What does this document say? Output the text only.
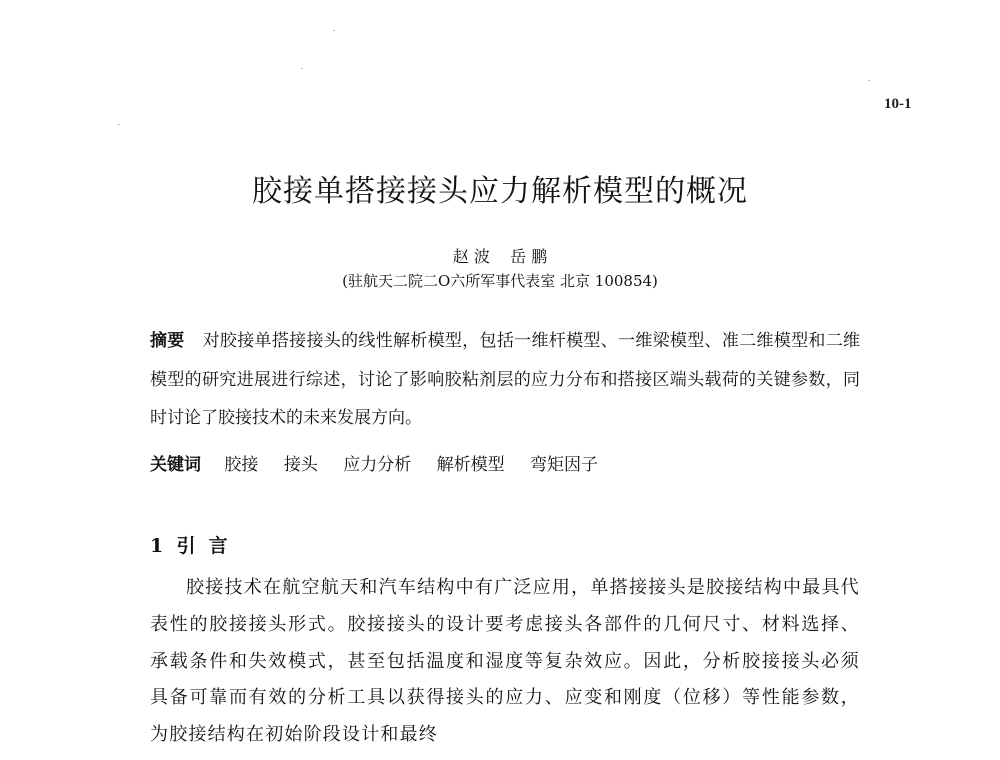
10-1
胶接单搭接接头应力解析模型的概况
赵 波    岳 鹏
(驻航天二院二O六所军事代表室 北京 100854)
摘要 对胶接单搭接接头的线性解析模型，包括一维杆模型、一维梁模型、准二维模型和二维模型的研究进展进行综述，讨论了影响胶粘剂层的应力分布和搭接区端头载荷的关键参数，同时讨论了胶接技术的未来发展方向。
关键词 胶接 接头 应力分析 解析模型 弯矩因子
1  引  言
胶接技术在航空航天和汽车结构中有广泛应用，单搭接接头是胶接结构中最具代表性的胶接接头形式。胶接接头的设计要考虑接头各部件的几何尺寸、材料选择、承载条件和失效模式，甚至包括温度和湿度等复杂效应。因此，分析胶接接头必须具备可靠而有效的分析工具以获得接头的应力、应变和刚度（位移）等性能参数，为胶接结构在初始阶段设计和最终
